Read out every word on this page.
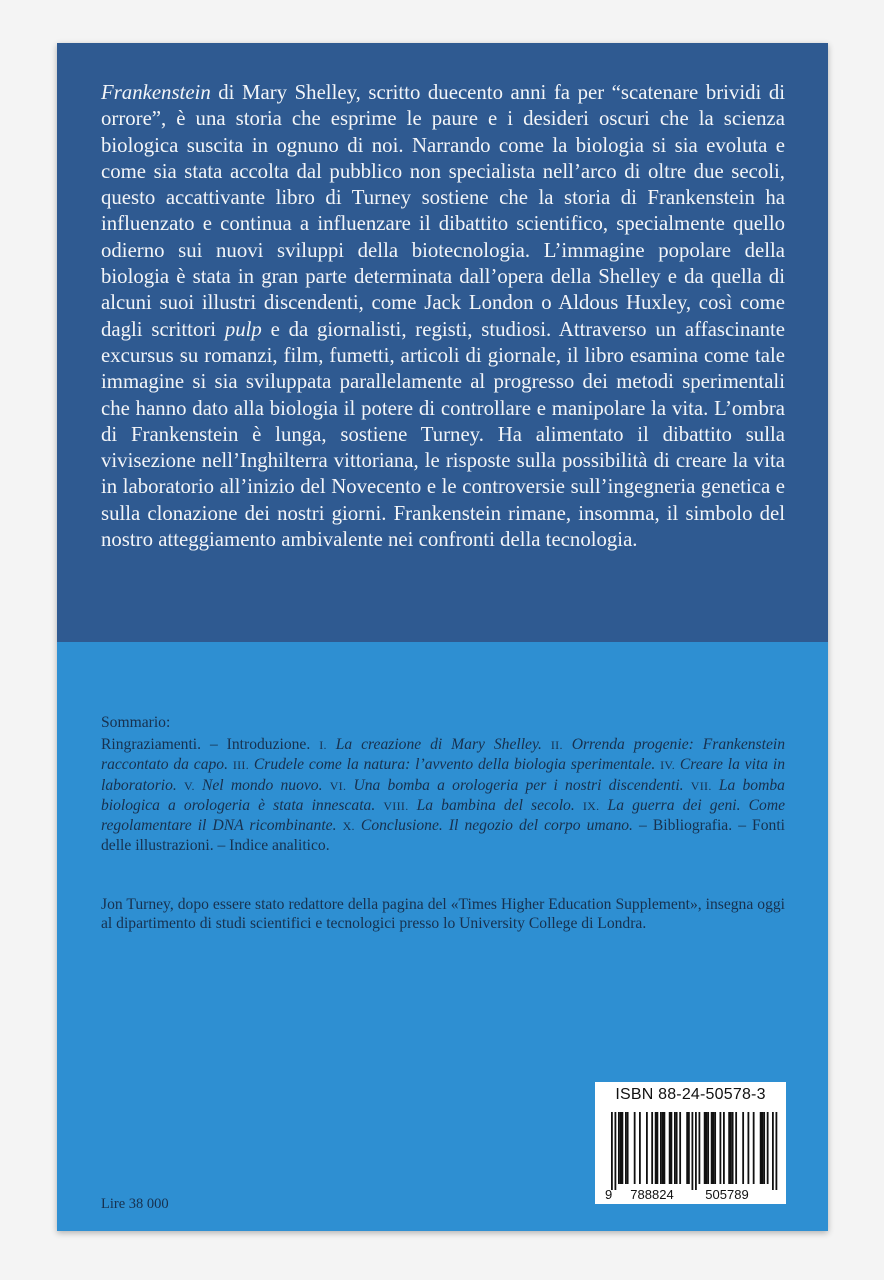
Frankenstein di Mary Shelley, scritto duecento anni fa per “scatenare brividi di orrore”, è una storia che esprime le paure e i desideri oscuri che la scienza biologica suscita in ognuno di noi. Narrando come la biologia si sia evoluta e come sia stata accolta dal pubblico non specialista nell’arco di oltre due secoli, questo accattivante libro di Turney sostiene che la storia di Frankenstein ha influenzato e continua a influenzare il dibattito scientifico, specialmente quello odierno sui nuovi sviluppi della biotecnologia. L’immagine popolare della biologia è stata in gran parte determinata dall’opera della Shelley e da quella di alcuni suoi illustri discendenti, come Jack London o Aldous Huxley, così come dagli scrittori pulp e da giornalisti, registi, studiosi. Attraverso un affascinante excursus su romanzi, film, fumetti, articoli di giornale, il libro esamina come tale immagine si sia sviluppata parallelamente al progresso dei metodi sperimentali che hanno dato alla biologia il potere di controllare e manipolare la vita. L’ombra di Frankenstein è lunga, sostiene Turney. Ha alimentato il dibattito sulla vivisezione nell’Inghilterra vittoriana, le risposte sulla possibilità di creare la vita in laboratorio all’inizio del Novecento e le controversie sull’ingegneria genetica e sulla clonazione dei nostri giorni. Frankenstein rimane, insomma, il simbolo del nostro atteggiamento ambivalente nei confronti della tecnologia.

Sommario:

Ringraziamenti. – Introduzione. I. La creazione di Mary Shelley. II. Orrenda progenie: Frankenstein raccontato da capo. III. Crudele come la natura: l’avvento della biologia sperimentale. IV. Creare la vita in laboratorio. V. Nel mondo nuovo. VI. Una bomba a orologeria per i nostri discendenti. VII. La bomba biologica a orologeria è stata innescata. VIII. La bambina del secolo. IX. La guerra dei geni. Come regolamentare il DNA ricombinante. X. Conclusione. Il negozio del corpo umano. – Bibliografia. – Fonti delle illustrazioni. – Indice analitico.

Jon Turney, dopo essere stato redattore della pagina del «Times Higher Education Supplement», insegna oggi al dipartimento di studi scientifici e tecnologici presso lo University College di Londra.

Lire 38 000
ISBN 88-24-50578-3
9 788824 505789
